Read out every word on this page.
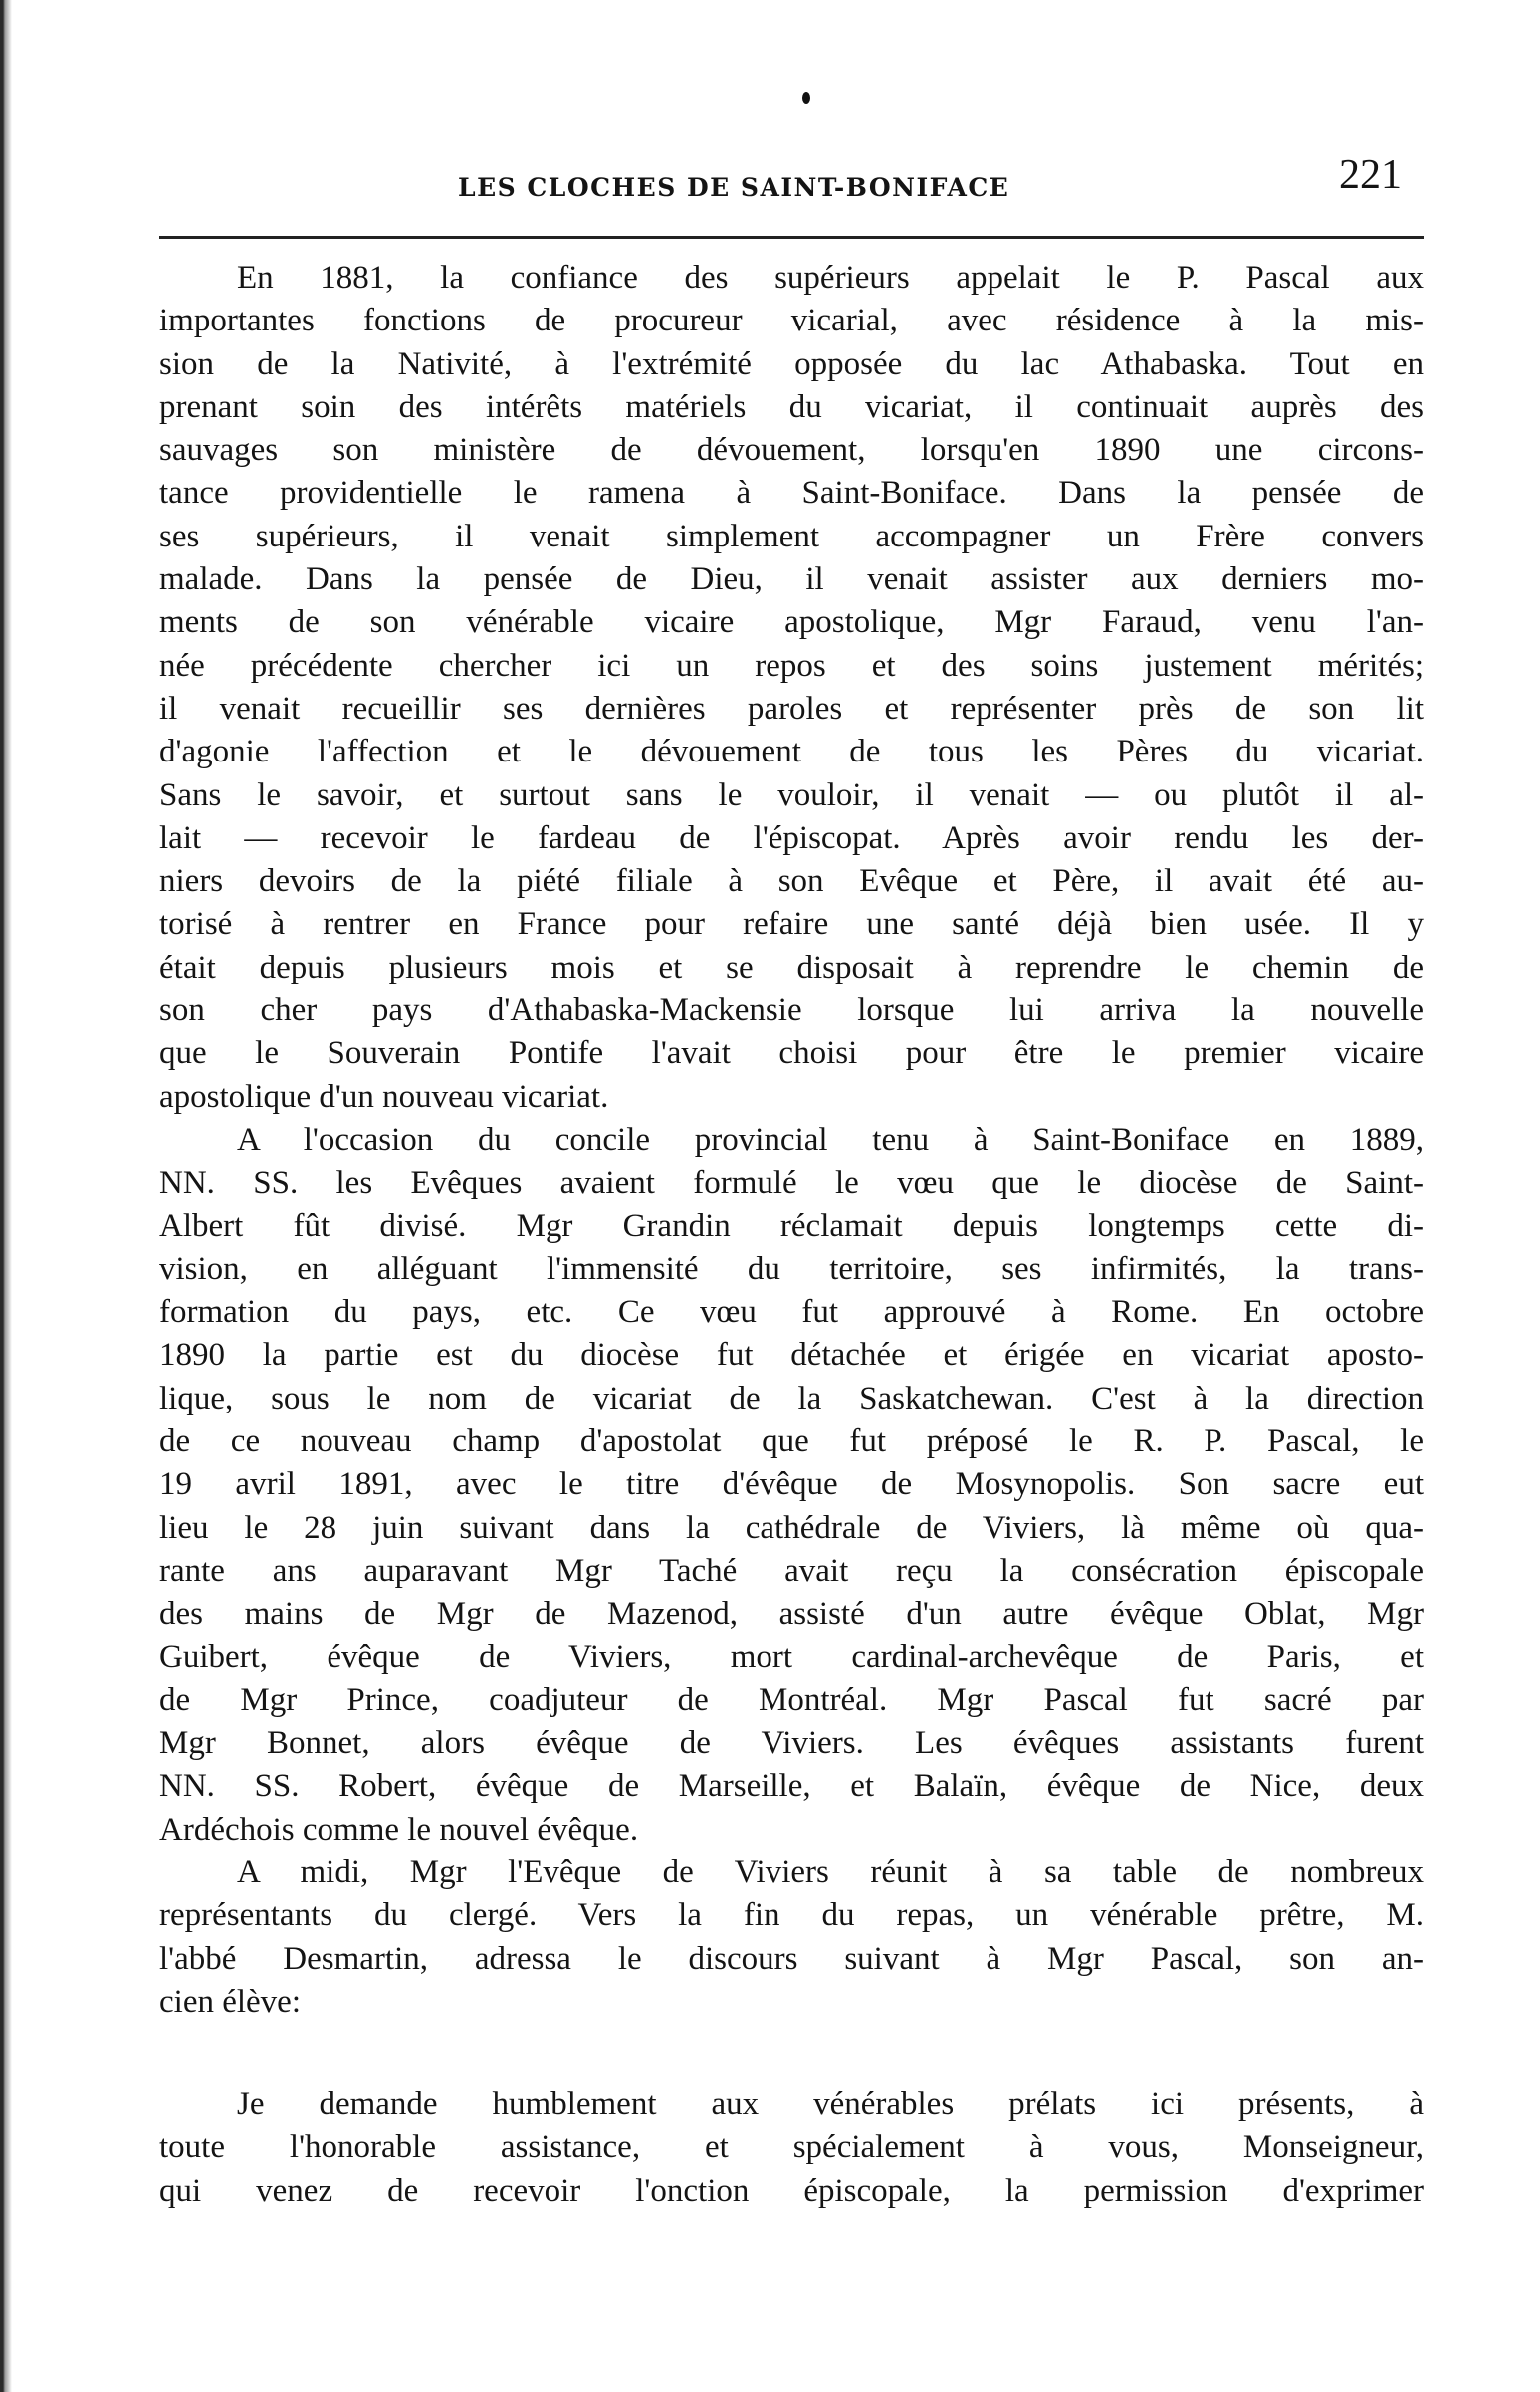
LES CLOCHES DE SAINT-BONIFACE	221
En 1881, la confiance des supérieurs appelait le P. Pascal aux
importantes fonctions de procureur vicarial, avec résidence à la mis-
sion de la Nativité, à l'extrémité opposée du lac Athabaska. Tout en
prenant soin des intérêts matériels du vicariat, il continuait auprès des
sauvages son ministère de dévouement, lorsqu'en 1890 une circons-
tance providentielle le ramena à Saint-Boniface. Dans la pensée de
ses supérieurs, il venait simplement accompagner un Frère convers
malade. Dans la pensée de Dieu, il venait assister aux derniers mo-
ments de son vénérable vicaire apostolique, Mgr Faraud, venu l'an-
née précédente chercher ici un repos et des soins justement mérités;
il venait recueillir ses dernières paroles et représenter près de son lit
d'agonie l'affection et le dévouement de tous les Pères du vicariat.
Sans le savoir, et surtout sans le vouloir, il venait — ou plutôt il al-
lait — recevoir le fardeau de l'épiscopat. Après avoir rendu les der-
niers devoirs de la piété filiale à son Evêque et Père, il avait été au-
torisé à rentrer en France pour refaire une santé déjà bien usée. Il y
était depuis plusieurs mois et se disposait à reprendre le chemin de
son cher pays d'Athabaska-Mackensie lorsque lui arriva la nouvelle
que le Souverain Pontife l'avait choisi pour être le premier vicaire
apostolique d'un nouveau vicariat.
A l'occasion du concile provincial tenu à Saint-Boniface en 1889,
NN. SS. les Evêques avaient formulé le vœu que le diocèse de Saint-
Albert fût divisé. Mgr Grandin réclamait depuis longtemps cette di-
vision, en alléguant l'immensité du territoire, ses infirmités, la trans-
formation du pays, etc. Ce vœu fut approuvé à Rome. En octobre
1890 la partie est du diocèse fut détachée et érigée en vicariat aposto-
lique, sous le nom de vicariat de la Saskatchewan. C'est à la direction
de ce nouveau champ d'apostolat que fut préposé le R. P. Pascal, le
19 avril 1891, avec le titre d'évêque de Mosynopolis. Son sacre eut
lieu le 28 juin suivant dans la cathédrale de Viviers, là même où qua-
rante ans auparavant Mgr Taché avait reçu la consécration épiscopale
des mains de Mgr de Mazenod, assisté d'un autre évêque Oblat, Mgr
Guibert, évêque de Viviers, mort cardinal-archevêque de Paris, et
de Mgr Prince, coadjuteur de Montréal. Mgr Pascal fut sacré par
Mgr Bonnet, alors évêque de Viviers. Les évêques assistants furent
NN. SS. Robert, évêque de Marseille, et Balaïn, évêque de Nice, deux
Ardéchois comme le nouvel évêque.
A midi, Mgr l'Evêque de Viviers réunit à sa table de nombreux
représentants du clergé. Vers la fin du repas, un vénérable prêtre, M.
l'abbé Desmartin, adressa le discours suivant à Mgr Pascal, son an-
cien élève:
Je demande humblement aux vénérables prélats ici présents, à
toute l'honorable assistance, et spécialement à vous, Monseigneur,
qui venez de recevoir l'onction épiscopale, la permission d'exprimer
